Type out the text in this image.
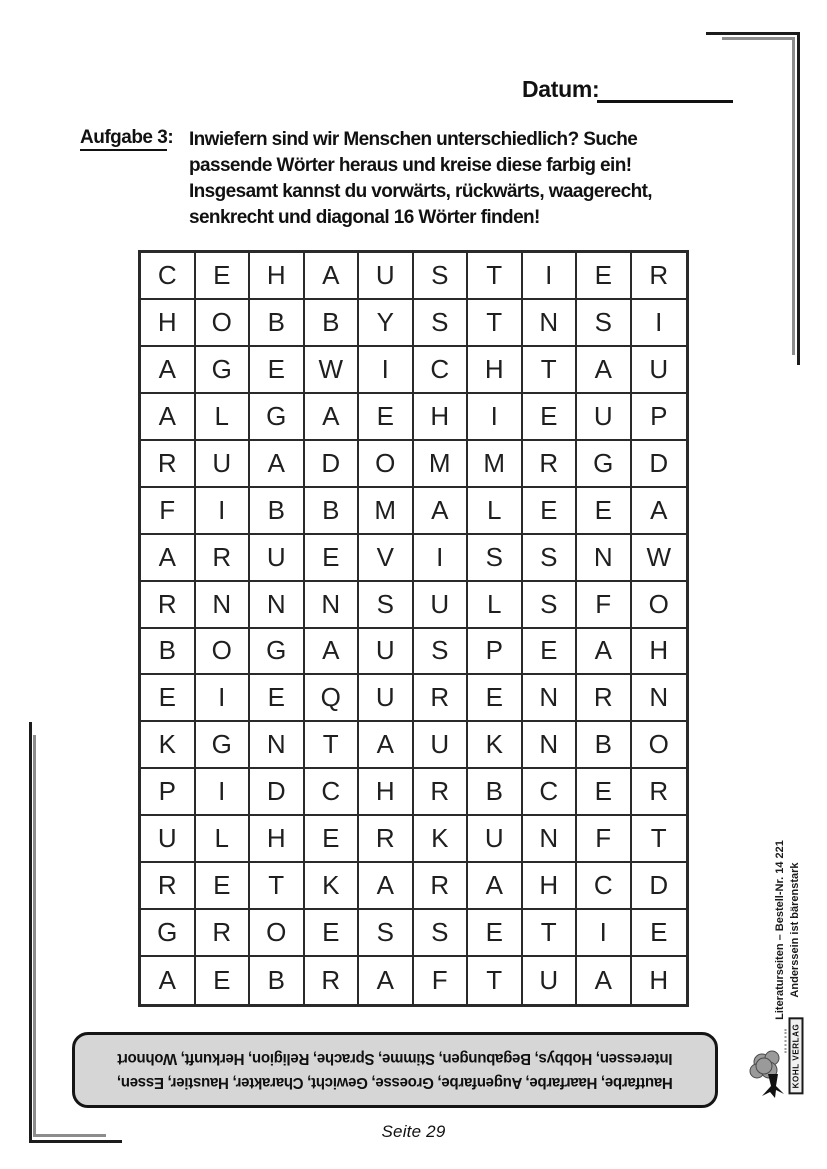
Datum:
Aufgabe 3: Inwiefern sind wir Menschen unterschiedlich? Suche
passende Wörter heraus und kreise diese farbig ein!
Insgesamt kannst du vorwärts, rückwärts, waagerecht,
senkrecht und diagonal 16 Wörter finden!
C	E	H	A	U	S	T	I	E	R
H	O	B	B	Y	S	T	N	S	I
A	G	E	W	I	C	H	T	A	U
A	L	G	A	E	H	I	E	U	P
R	U	A	D	O	M	M	R	G	D
F	I	B	B	M	A	L	E	E	A
A	R	U	E	V	I	S	S	N	W
R	N	N	N	S	U	L	S	F	O
B	O	G	A	U	S	P	E	A	H
E	I	E	Q	U	R	E	N	R	N
K	G	N	T	A	U	K	N	B	O
P	I	D	C	H	R	B	C	E	R
U	L	H	E	R	K	U	N	F	T
R	E	T	K	A	R	A	H	C	D
G	R	O	E	S	S	E	T	I	E
A	E	B	R	A	F	T	U	A	H
Hautfarbe, Haarfarbe, Augenfarbe, Groesse, Gewicht, Charakter, Haustier, Essen,
Interessen, Hobbys, Begabungen, Stimme, Sprache, Religion, Herkunft, Wohnort
Anderssein ist bärenstark
Literaturseiten – Bestell-Nr. 14 221
KOHL VERLAG
Seite 29
